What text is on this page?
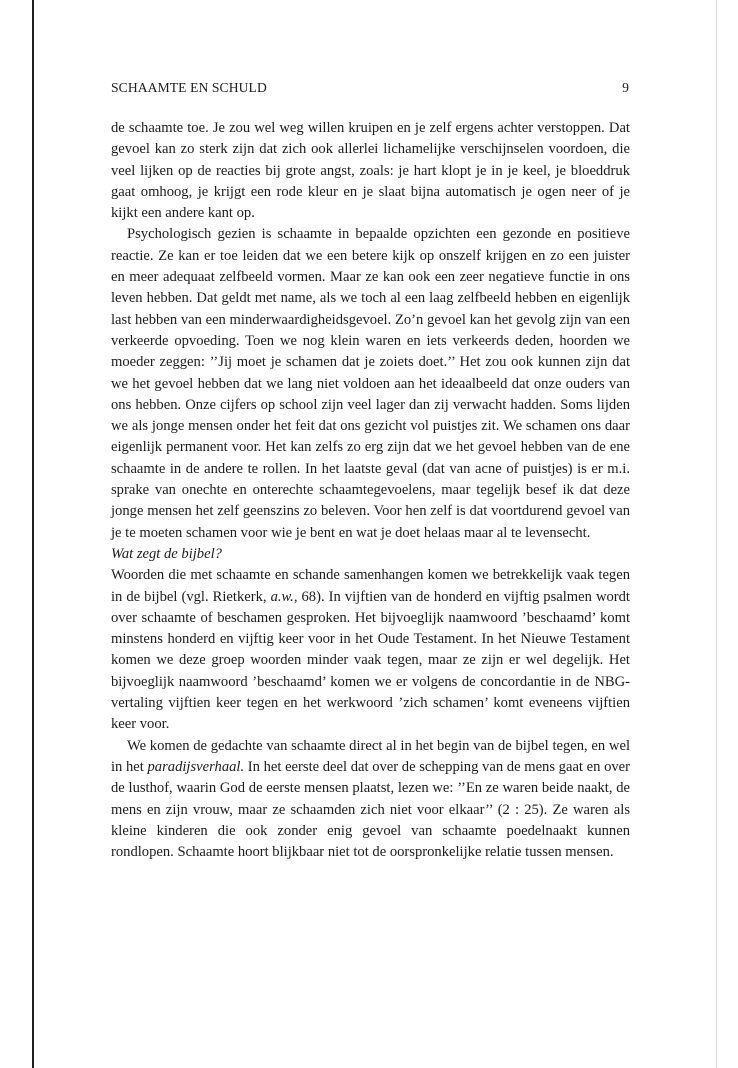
SCHAAMTE EN SCHULD	9

de schaamte toe. Je zou wel weg willen kruipen en je zelf ergens achter verstoppen. Dat gevoel kan zo sterk zijn dat zich ook allerlei lichamelijke verschijnselen voordoen, die veel lijken op de reacties bij grote angst, zoals: je hart klopt je in je keel, je bloeddruk gaat omhoog, je krijgt een rode kleur en je slaat bijna automatisch je ogen neer of je kijkt een andere kant op.

Psychologisch gezien is schaamte in bepaalde opzichten een gezonde en positieve reactie. Ze kan er toe leiden dat we een betere kijk op onszelf krijgen en zo een juister en meer adequaat zelfbeeld vormen. Maar ze kan ook een zeer negatieve functie in ons leven hebben. Dat geldt met name, als we toch al een laag zelfbeeld hebben en eigenlijk last hebben van een minderwaardigheidsgevoel. Zo’n gevoel kan het gevolg zijn van een verkeerde opvoeding. Toen we nog klein waren en iets verkeerds deden, hoorden we moeder zeggen: ’’Jij moet je schamen dat je zoiets doet.’’ Het zou ook kunnen zijn dat we het gevoel hebben dat we lang niet voldoen aan het ideaalbeeld dat onze ouders van ons hebben. Onze cijfers op school zijn veel lager dan zij verwacht hadden. Soms lijden we als jonge mensen onder het feit dat ons gezicht vol puistjes zit. We schamen ons daar eigenlijk permanent voor. Het kan zelfs zo erg zijn dat we het gevoel hebben van de ene schaamte in de andere te rollen. In het laatste geval (dat van acne of puistjes) is er m.i. sprake van onechte en onterechte schaamtegevoelens, maar tegelijk besef ik dat deze jonge mensen het zelf geenszins zo beleven. Voor hen zelf is dat voortdurend gevoel van je te moeten schamen voor wie je bent en wat je doet helaas maar al te levensecht.

Wat zegt de bijbel?

Woorden die met schaamte en schande samenhangen komen we betrekkelijk vaak tegen in de bijbel (vgl. Rietkerk, a.w., 68). In vijftien van de honderd en vijftig psalmen wordt over schaamte of beschamen gesproken. Het bijvoeglijk naamwoord ’beschaamd’ komt minstens honderd en vijftig keer voor in het Oude Testament. In het Nieuwe Testament komen we deze groep woorden minder vaak tegen, maar ze zijn er wel degelijk. Het bijvoeglijk naamwoord ’beschaamd’ komen we er volgens de concordantie in de NBG-vertaling vijftien keer tegen en het werkwoord ’zich schamen’ komt eveneens vijftien keer voor.

We komen de gedachte van schaamte direct al in het begin van de bijbel tegen, en wel in het paradijsverhaal. In het eerste deel dat over de schepping van de mens gaat en over de lusthof, waarin God de eerste mensen plaatst, lezen we: ’’En ze waren beide naakt, de mens en zijn vrouw, maar ze schaamden zich niet voor elkaar’’ (2 : 25). Ze waren als kleine kinderen die ook zonder enig gevoel van schaamte poedelnaakt kunnen rondlopen. Schaamte hoort blijkbaar niet tot de oorspronkelijke relatie tussen mensen.
